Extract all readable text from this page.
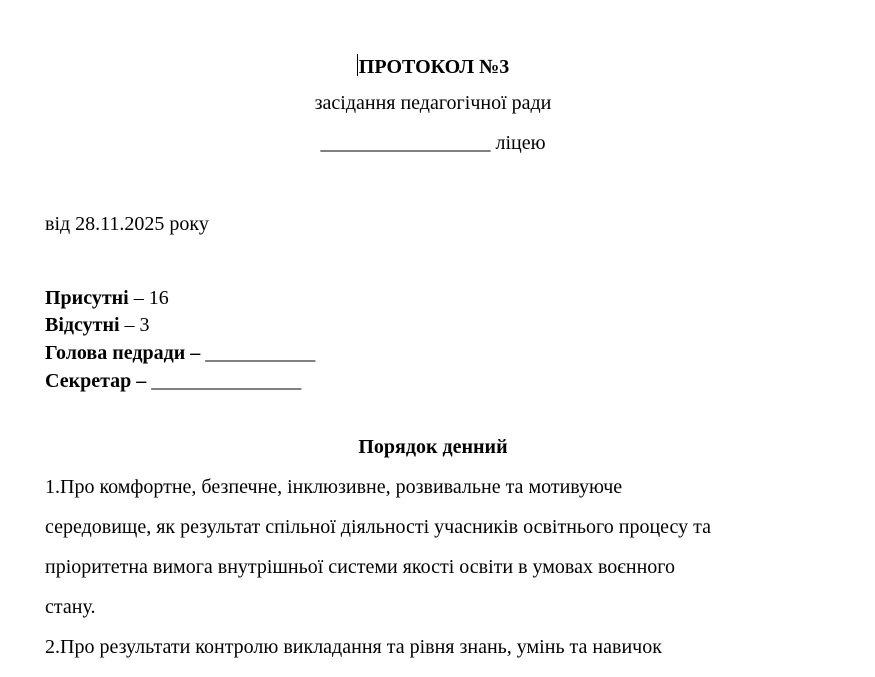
ПРОТОКОЛ №3
засідання педагогічної ради
_________________ ліцею
від 28.11.2025 року
Присутні – 16
Відсутні – 3
Голова педради – ___________
Секретар – _______________
Порядок денний
1.Про комфортне, безпечне, інклюзивне, розвивальне та мотивуюче
середовище, як результат спільної діяльності учасників освітнього процесу та
пріоритетна вимога внутрішньої системи якості освіти в умовах воєнного
стану.
2.Про результати контролю викладання та рівня знань, умінь та навичок
